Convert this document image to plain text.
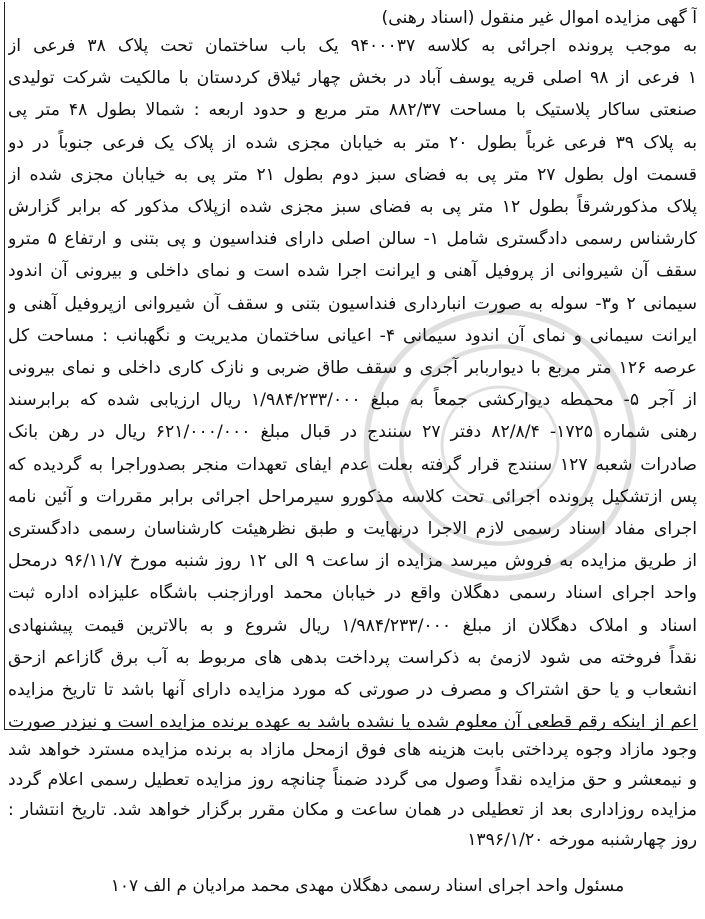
آ گهی مزایده اموال غیر منقول (اسناد رهنی)
به موجب پرونده اجرائی به کلاسه ۹۴۰۰۰۳۷ یک باب ساختمان تحت پلاک ۳۸ فرعی از
۱ فرعی از ۹۸ اصلی قریه یوسف آباد در بخش چهار ئیلاق کردستان با مالکیت شرکت تولیدی
صنعتی ساکار پلاستیک با مساحت ۸۸۲/۳۷ متر مربع و حدود اربعه : شمالا بطول ۴۸ متر پی
به پلاک ۳۹ فرعی غرباً بطول ۲۰ متر به خیابان مجزی شده از پلاک یک فرعی جنوباً در دو
قسمت اول بطول ۲۷ متر پی به فضای سبز دوم بطول ۲۱ متر پی به خیابان مجزی شده از
پلاک مذکورشرقاً بطول ۱۲ متر پی به فضای سبز مجزی شده ازپلاک مذکور که برابر گزارش
کارشناس رسمی دادگستری شامل ۱- سالن اصلی دارای فنداسیون و پی بتنی و ارتفاع ۵ مترو
سقف آن شیروانی از پروفیل آهنی و ایرانت اجرا شده است و نمای داخلی و بیرونی آن اندود
سیمانی ۲ و۳- سوله به صورت انبارداری فنداسیون بتنی و سقف آن شیروانی ازپروفیل آهنی و
ایرانت سیمانی و نمای آن اندود سیمانی ۴- اعیانی ساختمان مدیریت و نگهبانب : مساحت کل
عرصه ۱۲۶ متر مربع با دیواربابر آجری و سقف طاق ضربی و نازک کاری داخلی و نمای بیرونی
از آجر ۵- محمطه دیوارکشی جمعاً به مبلغ ۱/۹۸۴/۲۳۳/۰۰۰ ریال ارزیابی شده که برابرسند
رهنی شماره ۱۷۲۵- ۸۲/۸/۴ دفتر ۲۷ سنندج در قبال مبلغ ۶۲۱/۰۰۰/۰۰۰ ریال در رهن بانک
صادرات شعبه ۱۲۷ سنندج قرار گرفته بعلت عدم ایفای تعهدات منجر بصدوراجرا به گردیده که
پس ازتشکیل پرونده اجرائی تحت کلاسه مذکورو سیرمراحل اجرائی برابر مقررات و آئین نامه
اجرای مفاد اسناد رسمی لازم الاجرا درنهایت و طبق نظرهیئت کارشناسان رسمی دادگستری
از طریق مزایده به فروش میرسد مزایده از ساعت ۹ الی ۱۲ روز شنبه مورخ ۹۶/۱۱/۷ درمحل
واحد اجرای اسناد رسمی دهگلان واقع در خیابان محمد اورازجنب باشگاه علیزاده اداره ثبت
اسناد و املاک دهگلان از مبلغ ۱/۹۸۴/۲۳۳/۰۰۰ ریال شروع و به بالاترین قیمت پیشنهادی
نقداً فروخته می شود لازمئ به ذکراست پرداخت بدهی های مربوط به آب برق گازاعم ازحق
انشعاب و یا حق اشتراک و مصرف در صورتی که مورد مزایده دارای آنها باشد تا تاریخ مزایده
اعم از اینکه رقم قطعی آن معلوم شده یا نشده باشد به عهده برنده مزایده است و نیزدر صورت
وجود مازاد وجوه پرداختی بابت هزینه های فوق ازمحل مازاد به برنده مزایده مسترد خواهد شد
و نیمعشر و حق مزایده نقداً وصول می گردد ضمناً چنانچه روز مزایده تعطیل رسمی اعلام گردد
مزایده روزاداری بعد از تعطیلی در همان ساعت و مکان مقرر برگزار خواهد شد. تاریخ انتشار :
روز چهارشنبه مورخه ۱۳۹۶/۱/۲۰
مسئول واحد اجرای اسناد رسمی دهگلان مهدی محمد مرادیان م الف ۱۰۷
